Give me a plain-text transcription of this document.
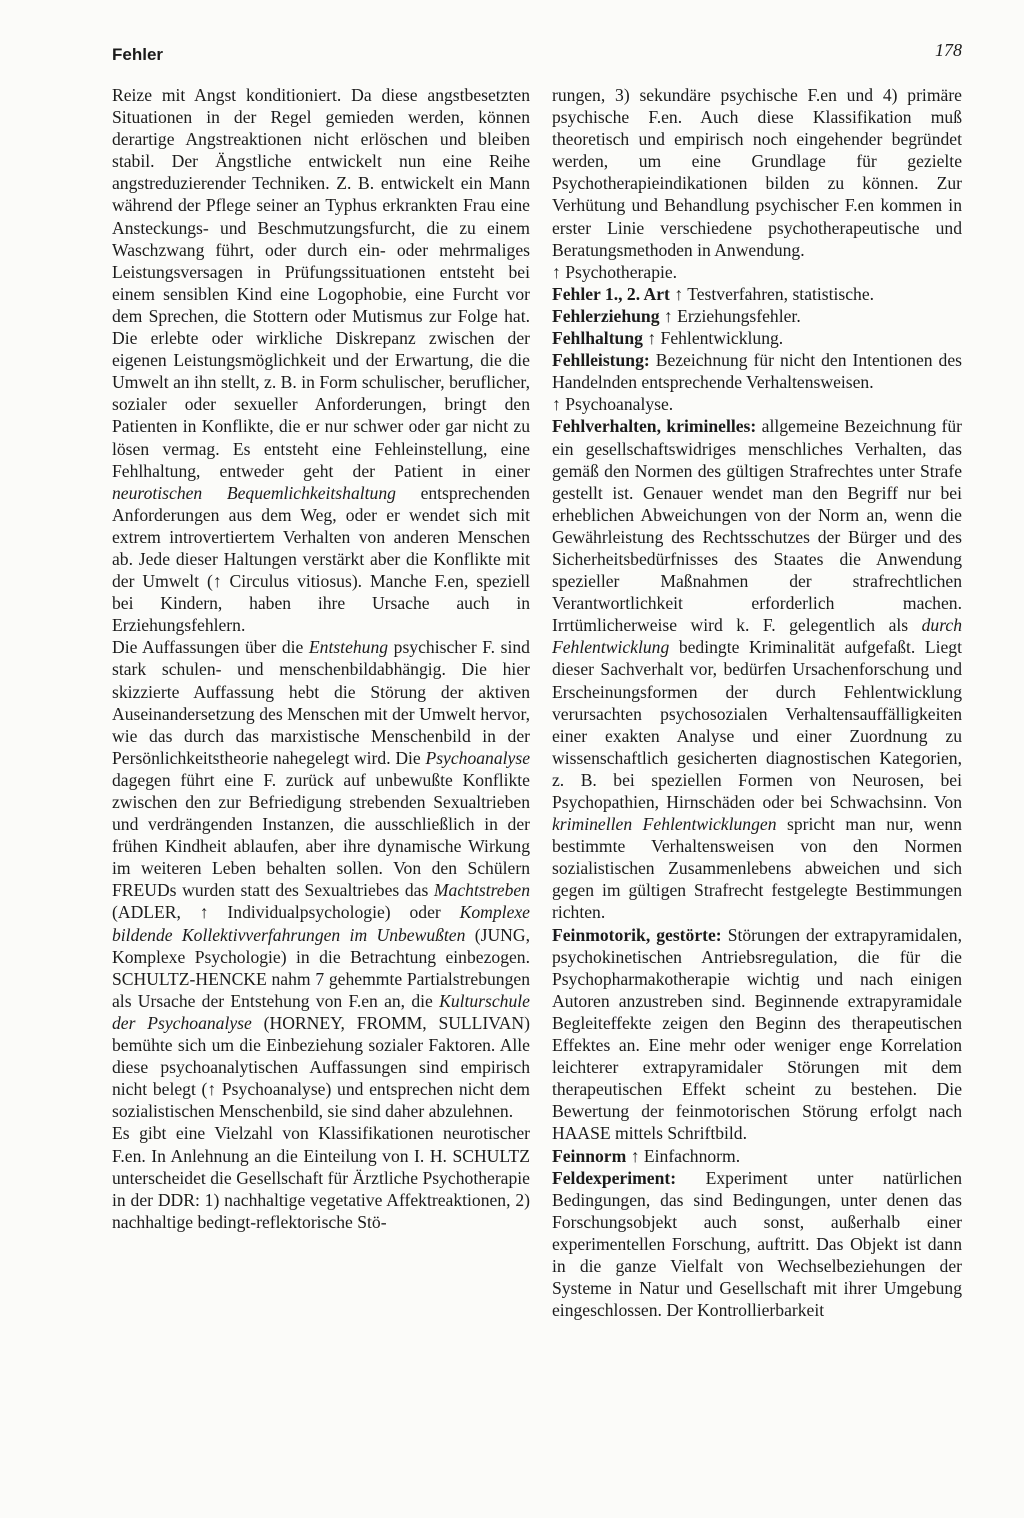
Fehler	178

Reize mit Angst konditioniert. Da diese angstbesetzten Situationen in der Regel gemieden werden, können derartige Angstreaktionen nicht erlöschen und bleiben stabil. Der Ängstliche entwickelt nun eine Reihe angstreduzierender Techniken. Z. B. entwickelt ein Mann während der Pflege seiner an Typhus erkrankten Frau eine Ansteckungs- und Beschmutzungsfurcht, die zu einem Waschzwang führt, oder durch ein- oder mehrmaliges Leistungsversagen in Prüfungssituationen entsteht bei einem sensiblen Kind eine Logophobie, eine Furcht vor dem Sprechen, die Stottern oder Mutismus zur Folge hat. Die erlebte oder wirkliche Diskrepanz zwischen der eigenen Leistungsmöglichkeit und der Erwartung, die die Umwelt an ihn stellt, z. B. in Form schulischer, beruflicher, sozialer oder sexueller Anforderungen, bringt den Patienten in Konflikte, die er nur schwer oder gar nicht zu lösen vermag. Es entsteht eine Fehleinstellung, eine Fehlhaltung, entweder geht der Patient in einer neurotischen Bequemlichkeitshaltung entsprechenden Anforderungen aus dem Weg, oder er wendet sich mit extrem introvertiertem Verhalten von anderen Menschen ab. Jede dieser Haltungen verstärkt aber die Konflikte mit der Umwelt (↑ Circulus vitiosus). Manche F.en, speziell bei Kindern, haben ihre Ursache auch in Erziehungsfehlern.

Die Auffassungen über die Entstehung psychischer F. sind stark schulen- und menschenbildabhängig. Die hier skizzierte Auffassung hebt die Störung der aktiven Auseinandersetzung des Menschen mit der Umwelt hervor, wie das durch das marxistische Menschenbild in der Persönlichkeitstheorie nahegelegt wird. Die Psychoanalyse dagegen führt eine F. zurück auf unbewußte Konflikte zwischen den zur Befriedigung strebenden Sexualtrieben und verdrängenden Instanzen, die ausschließlich in der frühen Kindheit ablaufen, aber ihre dynamische Wirkung im weiteren Leben behalten sollen. Von den Schülern FREUDs wurden statt des Sexualtriebes das Machtstreben (ADLER, ↑ Individualpsychologie) oder Komplexe bildende Kollektivverfahrungen im Unbewußten (JUNG, Komplexe Psychologie) in die Betrachtung einbezogen. SCHULTZ-HENCKE nahm 7 gehemmte Partialstrebungen als Ursache der Entstehung von F.en an, die Kulturschule der Psychoanalyse (HORNEY, FROMM, SULLIVAN) bemühte sich um die Einbeziehung sozialer Faktoren. Alle diese psychoanalytischen Auffassungen sind empirisch nicht belegt (↑ Psychoanalyse) und entsprechen nicht dem sozialistischen Menschenbild, sie sind daher abzulehnen.

Es gibt eine Vielzahl von Klassifikationen neurotischer F.en. In Anlehnung an die Einteilung von I. H. SCHULTZ unterscheidet die Gesellschaft für Ärztliche Psychotherapie in der DDR: 1) nachhaltige vegetative Affektreaktionen, 2) nachhaltige bedingt-reflektorische Stö-

rungen, 3) sekundäre psychische F.en und 4) primäre psychische F.en. Auch diese Klassifikation muß theoretisch und empirisch noch eingehender begründet werden, um eine Grundlage für gezielte Psychotherapieindikationen bilden zu können. Zur Verhütung und Behandlung psychischer F.en kommen in erster Linie verschiedene psychotherapeutische und Beratungsmethoden in Anwendung.

↑ Psychotherapie.

Fehler 1., 2. Art ↑ Testverfahren, statistische.

Fehlerziehung ↑ Erziehungsfehler.

Fehlhaltung ↑ Fehlentwicklung.

Fehlleistung: Bezeichnung für nicht den Intentionen des Handelnden entsprechende Verhaltensweisen.
↑ Psychoanalyse.

Fehlverhalten, kriminelles: allgemeine Bezeichnung für ein gesellschaftswidriges menschliches Verhalten, das gemäß den Normen des gültigen Strafrechtes unter Strafe gestellt ist. Genauer wendet man den Begriff nur bei erheblichen Abweichungen von der Norm an, wenn die Gewährleistung des Rechtsschutzes der Bürger und des Sicherheitsbedürfnisses des Staates die Anwendung spezieller Maßnahmen der strafrechtlichen Verantwortlichkeit erforderlich machen. Irrtümlicherweise wird k. F. gelegentlich als durch Fehlentwicklung bedingte Kriminalität aufgefaßt. Liegt dieser Sachverhalt vor, bedürfen Ursachenforschung und Erscheinungsformen der durch Fehlentwicklung verursachten psychosozialen Verhaltensauffälligkeiten einer exakten Analyse und einer Zuordnung zu wissenschaftlich gesicherten diagnostischen Kategorien, z. B. bei speziellen Formen von Neurosen, bei Psychopathien, Hirnschäden oder bei Schwachsinn. Von kriminellen Fehlentwicklungen spricht man nur, wenn bestimmte Verhaltensweisen von den Normen sozialistischen Zusammenlebens abweichen und sich gegen im gültigen Strafrecht festgelegte Bestimmungen richten.

Feinmotorik, gestörte: Störungen der extrapyramidalen, psychokinetischen Antriebsregulation, die für die Psychopharmakotherapie wichtig und nach einigen Autoren anzustreben sind. Beginnende extrapyramidale Begleiteffekte zeigen den Beginn des therapeutischen Effektes an. Eine mehr oder weniger enge Korrelation leichterer extrapyramidaler Störungen mit dem therapeutischen Effekt scheint zu bestehen. Die Bewertung der feinmotorischen Störung erfolgt nach HAASE mittels Schriftbild.

Feinnorm ↑ Einfachnorm.

Feldexperiment: Experiment unter natürlichen Bedingungen, das sind Bedingungen, unter denen das Forschungsobjekt auch sonst, außerhalb einer experimentellen Forschung, auftritt. Das Objekt ist dann in die ganze Vielfalt von Wechselbeziehungen der Systeme in Natur und Gesellschaft mit ihrer Umgebung eingeschlossen. Der Kontrollierbarkeit
